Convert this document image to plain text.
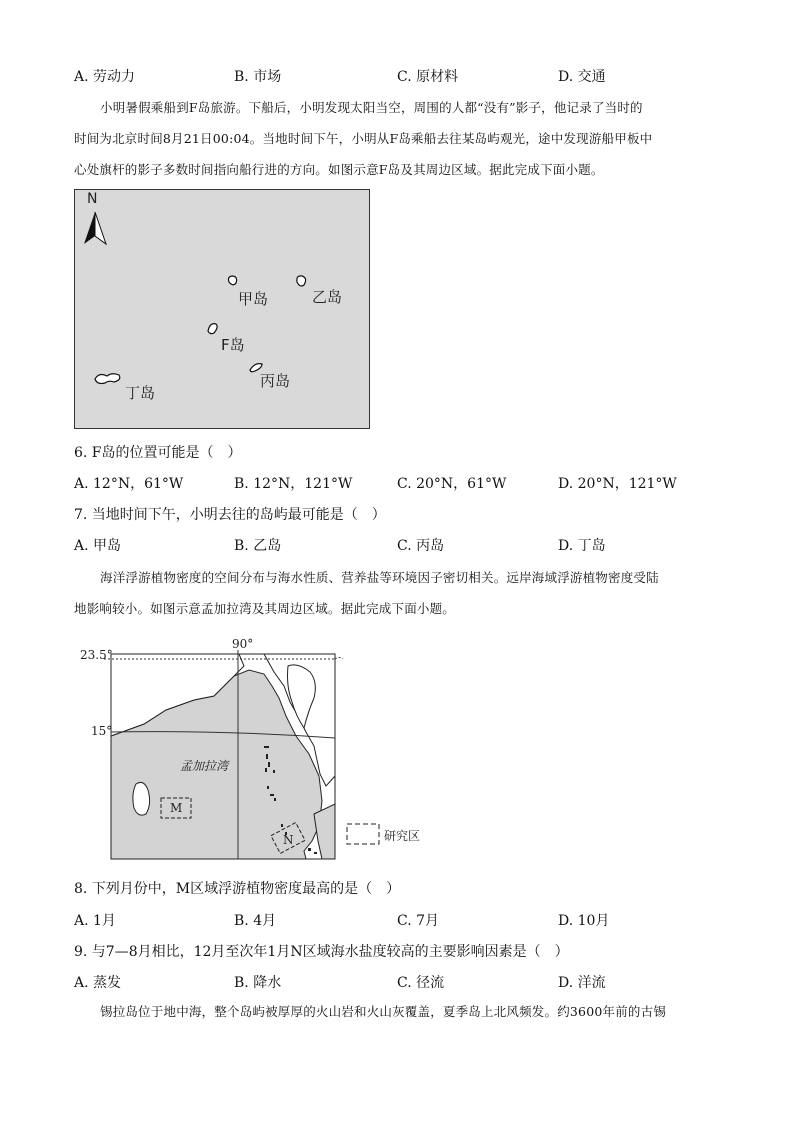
A. 劳动力	B. 市场	C. 原材料	D. 交通
小明暑假乘船到F岛旅游。下船后，小明发现太阳当空，周围的人都“没有”影子，他记录了当时的
时间为北京时间8月21日00:04。当地时间下午，小明从F岛乘船去往某岛屿观光，途中发现游船甲板中
心处旗杆的影子多数时间指向船行进的方向。如图示意F岛及其周边区域。据此完成下面小题。
N
甲岛	乙岛
F岛
丙岛
丁岛
6. F岛的位置可能是（　）
A. 12°N，61°W	B. 12°N，121°W	C. 20°N，61°W	D. 20°N，121°W
7. 当地时间下午，小明去往的岛屿最可能是（　）
A. 甲岛	B. 乙岛	C. 丙岛	D. 丁岛
海洋浮游植物密度的空间分布与海水性质、营养盐等环境因子密切相关。远岸海域浮游植物密度受陆
地影响较小。如图示意孟加拉湾及其周边区域。据此完成下面小题。
90°
23.5°
15°
孟加拉湾
M
N	研究区
8. 下列月份中，M区域浮游植物密度最高的是（　）
A. 1月	B. 4月	C. 7月	D. 10月
9. 与7—8月相比，12月至次年1月N区域海水盐度较高的主要影响因素是（　）
A. 蒸发	B. 降水	C. 径流	D. 洋流
锡拉岛位于地中海，整个岛屿被厚厚的火山岩和火山灰覆盖，夏季岛上北风频发。约3600年前的古锡
